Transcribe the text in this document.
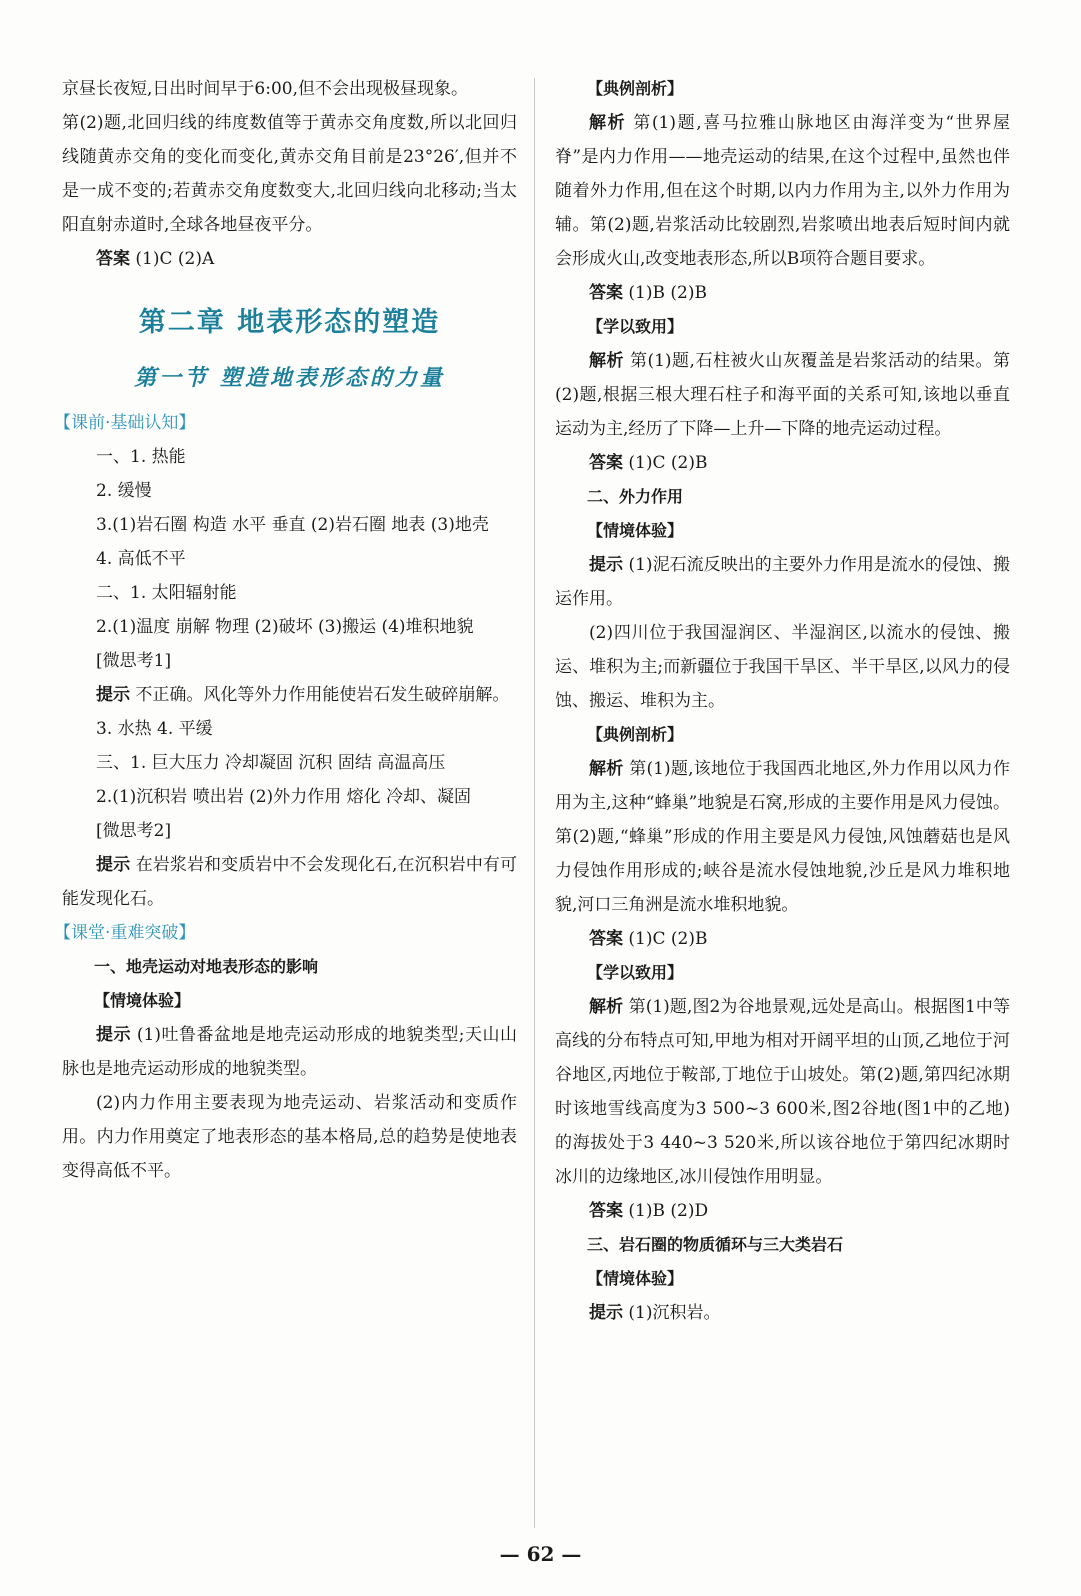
京昼长夜短,日出时间早于6:00,但不会出现极昼现象。

第(2)题,北回归线的纬度数值等于黄赤交角度数,所以北回归线随黄赤交角的变化而变化,黄赤交角目前是23°26′,但并不是一成不变的;若黄赤交角度数变大,北回归线向北移动;当太阳直射赤道时,全球各地昼夜平分。

答案 (1)C (2)A

第二章 地表形态的塑造
第一节 塑造地表形态的力量
【课前·基础认知】

一、1. 热能

2. 缓慢

3.(1)岩石圈 构造 水平 垂直 (2)岩石圈 地表 (3)地壳

4. 高低不平

二、1. 太阳辐射能

2.(1)温度 崩解 物理 (2)破坏 (3)搬运 (4)堆积地貌

[微思考1]

提示 不正确。风化等外力作用能使岩石发生破碎崩解。

3. 水热 4. 平缓

三、1. 巨大压力 冷却凝固 沉积 固结 高温高压

2.(1)沉积岩 喷出岩 (2)外力作用 熔化 冷却、凝固

[微思考2]

提示 在岩浆岩和变质岩中不会发现化石,在沉积岩中有可能发现化石。

【课堂·重难突破】

一、地壳运动对地表形态的影响

【情境体验】

提示 (1)吐鲁番盆地是地壳运动形成的地貌类型;天山山脉也是地壳运动形成的地貌类型。

(2)内力作用主要表现为地壳运动、岩浆活动和变质作用。内力作用奠定了地表形态的基本格局,总的趋势是使地表变得高低不平。

【典例剖析】

解析 第(1)题,喜马拉雅山脉地区由海洋变为“世界屋脊”是内力作用——地壳运动的结果,在这个过程中,虽然也伴随着外力作用,但在这个时期,以内力作用为主,以外力作用为辅。第(2)题,岩浆活动比较剧烈,岩浆喷出地表后短时间内就会形成火山,改变地表形态,所以B项符合题目要求。

答案 (1)B (2)B

【学以致用】

解析 第(1)题,石柱被火山灰覆盖是岩浆活动的结果。第(2)题,根据三根大理石柱子和海平面的关系可知,该地以垂直运动为主,经历了下降—上升—下降的地壳运动过程。

答案 (1)C (2)B

二、外力作用

【情境体验】

提示 (1)泥石流反映出的主要外力作用是流水的侵蚀、搬运作用。

(2)四川位于我国湿润区、半湿润区,以流水的侵蚀、搬运、堆积为主;而新疆位于我国干旱区、半干旱区,以风力的侵蚀、搬运、堆积为主。

【典例剖析】

解析 第(1)题,该地位于我国西北地区,外力作用以风力作用为主,这种“蜂巢”地貌是石窝,形成的主要作用是风力侵蚀。第(2)题,“蜂巢”形成的作用主要是风力侵蚀,风蚀蘑菇也是风力侵蚀作用形成的;峡谷是流水侵蚀地貌,沙丘是风力堆积地貌,河口三角洲是流水堆积地貌。

答案 (1)C (2)B

【学以致用】

解析 第(1)题,图2为谷地景观,远处是高山。根据图1中等高线的分布特点可知,甲地为相对开阔平坦的山顶,乙地位于河谷地区,丙地位于鞍部,丁地位于山坡处。第(2)题,第四纪冰期时该地雪线高度为3 500~3 600米,图2谷地(图1中的乙地)的海拔处于3 440~3 520米,所以该谷地位于第四纪冰期时冰川的边缘地区,冰川侵蚀作用明显。

答案 (1)B (2)D

三、岩石圈的物质循环与三大类岩石

【情境体验】

提示 (1)沉积岩。

— 62 —
